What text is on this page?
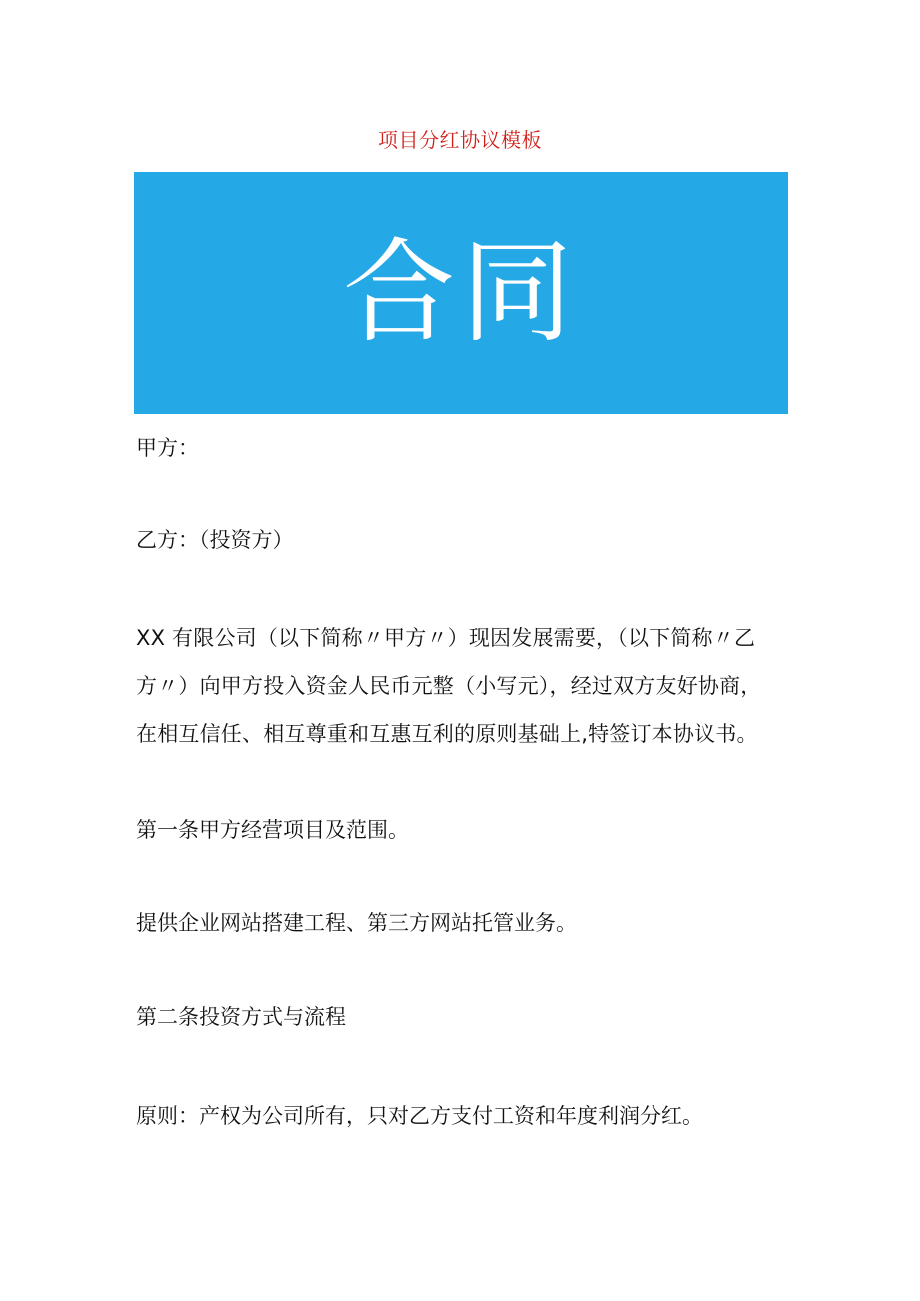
项目分红协议模板
合同
甲方：
乙方：（投资方）
XX 有限公司（以下简称〃甲方〃）现因发展需要，（以下简称〃乙
方〃）向甲方投入资金人民币元整（小写元），经过双方友好协商，
在相互信任、相互尊重和互惠互利的原则基础上,特签订本协议书。
第一条甲方经营项目及范围。
提供企业网站搭建工程、第三方网站托管业务。
第二条投资方式与流程
原则：产权为公司所有，只对乙方支付工资和年度利润分红。
